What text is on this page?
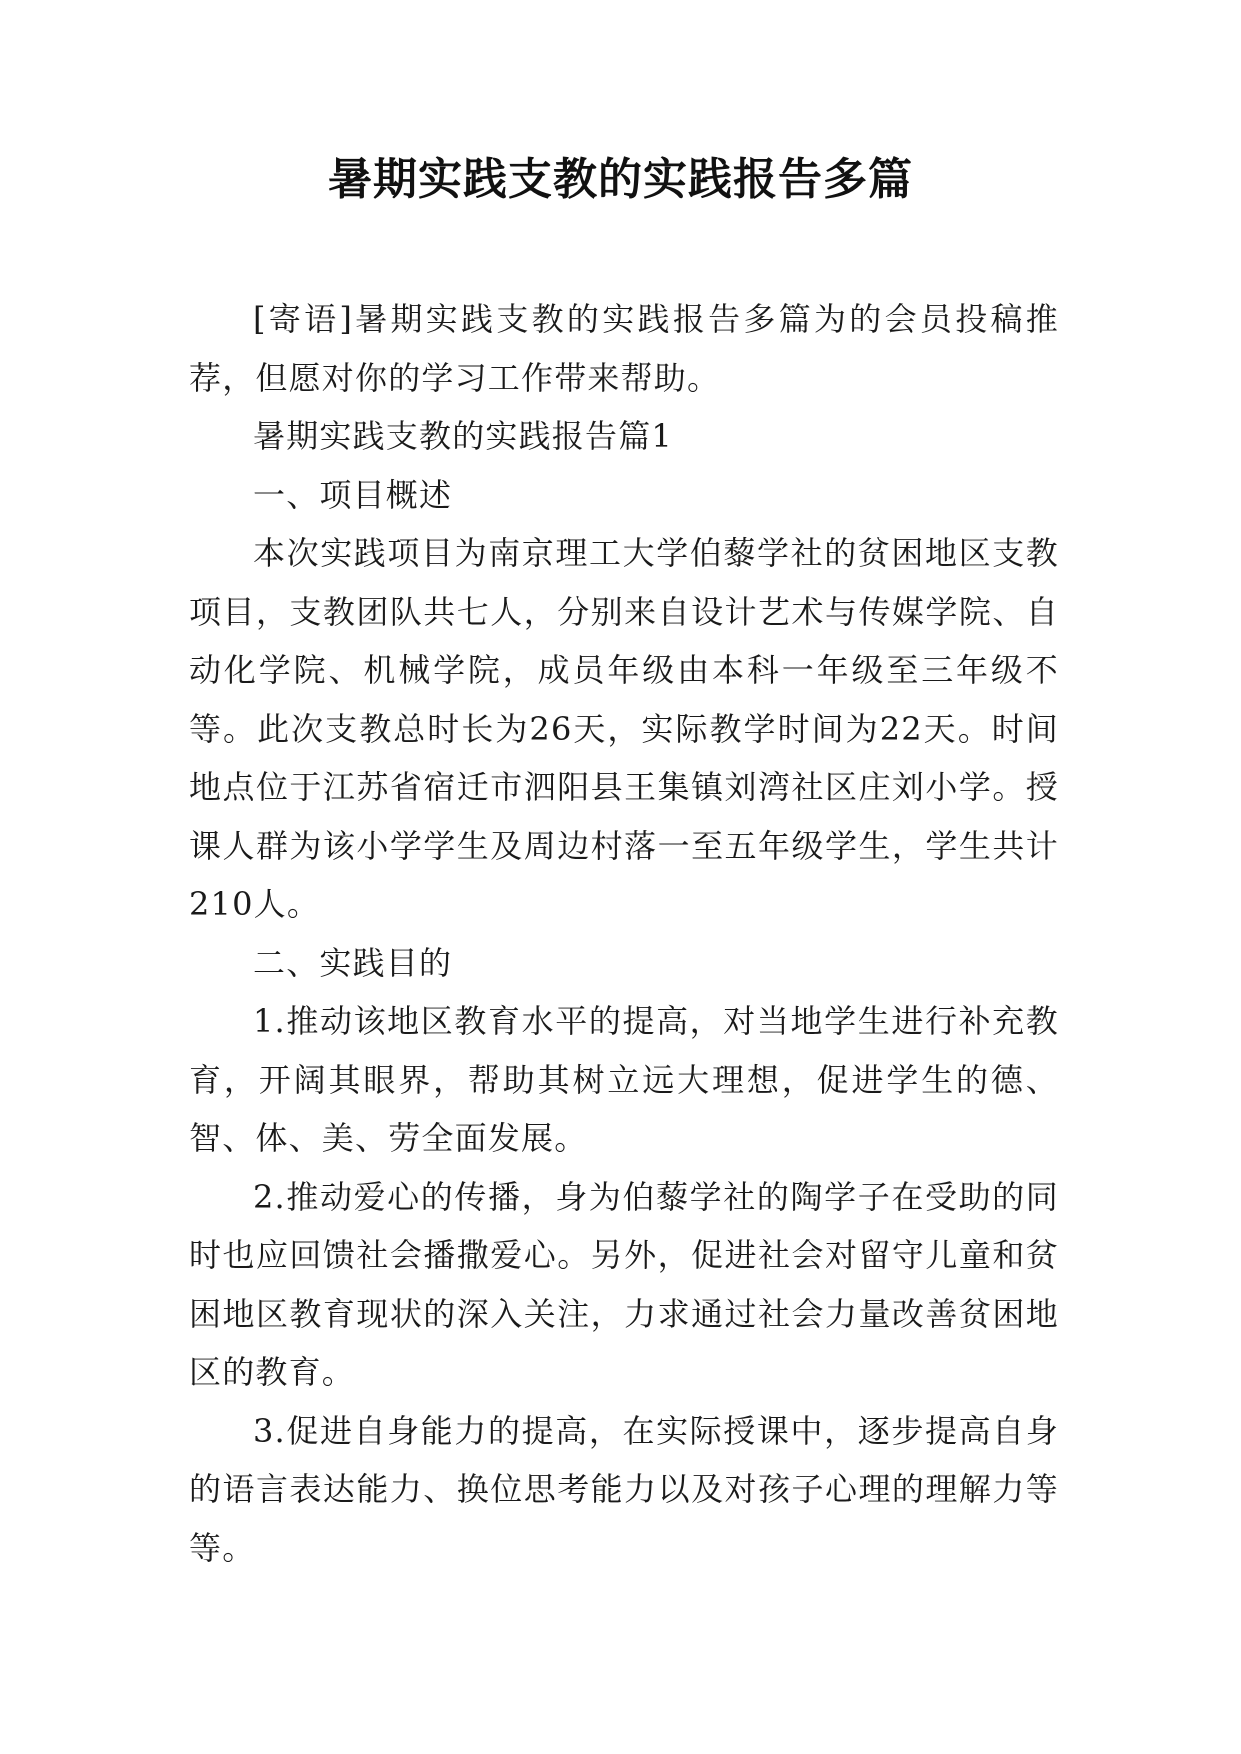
暑期实践支教的实践报告多篇

[寄语]暑期实践支教的实践报告多篇为的会员投稿推荐，但愿对你的学习工作带来帮助。

暑期实践支教的实践报告篇1

一、项目概述

本次实践项目为南京理工大学伯藜学社的贫困地区支教项目，支教团队共七人，分别来自设计艺术与传媒学院、自动化学院、机械学院，成员年级由本科一年级至三年级不等。此次支教总时长为26天，实际教学时间为22天。时间地点位于江苏省宿迁市泗阳县王集镇刘湾社区庄刘小学。授课人群为该小学学生及周边村落一至五年级学生，学生共计210人。

二、实践目的

1.推动该地区教育水平的提高，对当地学生进行补充教育，开阔其眼界，帮助其树立远大理想，促进学生的德、智、体、美、劳全面发展。

2.推动爱心的传播，身为伯藜学社的陶学子在受助的同时也应回馈社会播撒爱心。另外，促进社会对留守儿童和贫困地区教育现状的深入关注，力求通过社会力量改善贫困地区的教育。

3.促进自身能力的提高，在实际授课中，逐步提高自身的语言表达能力、换位思考能力以及对孩子心理的理解力等等。
